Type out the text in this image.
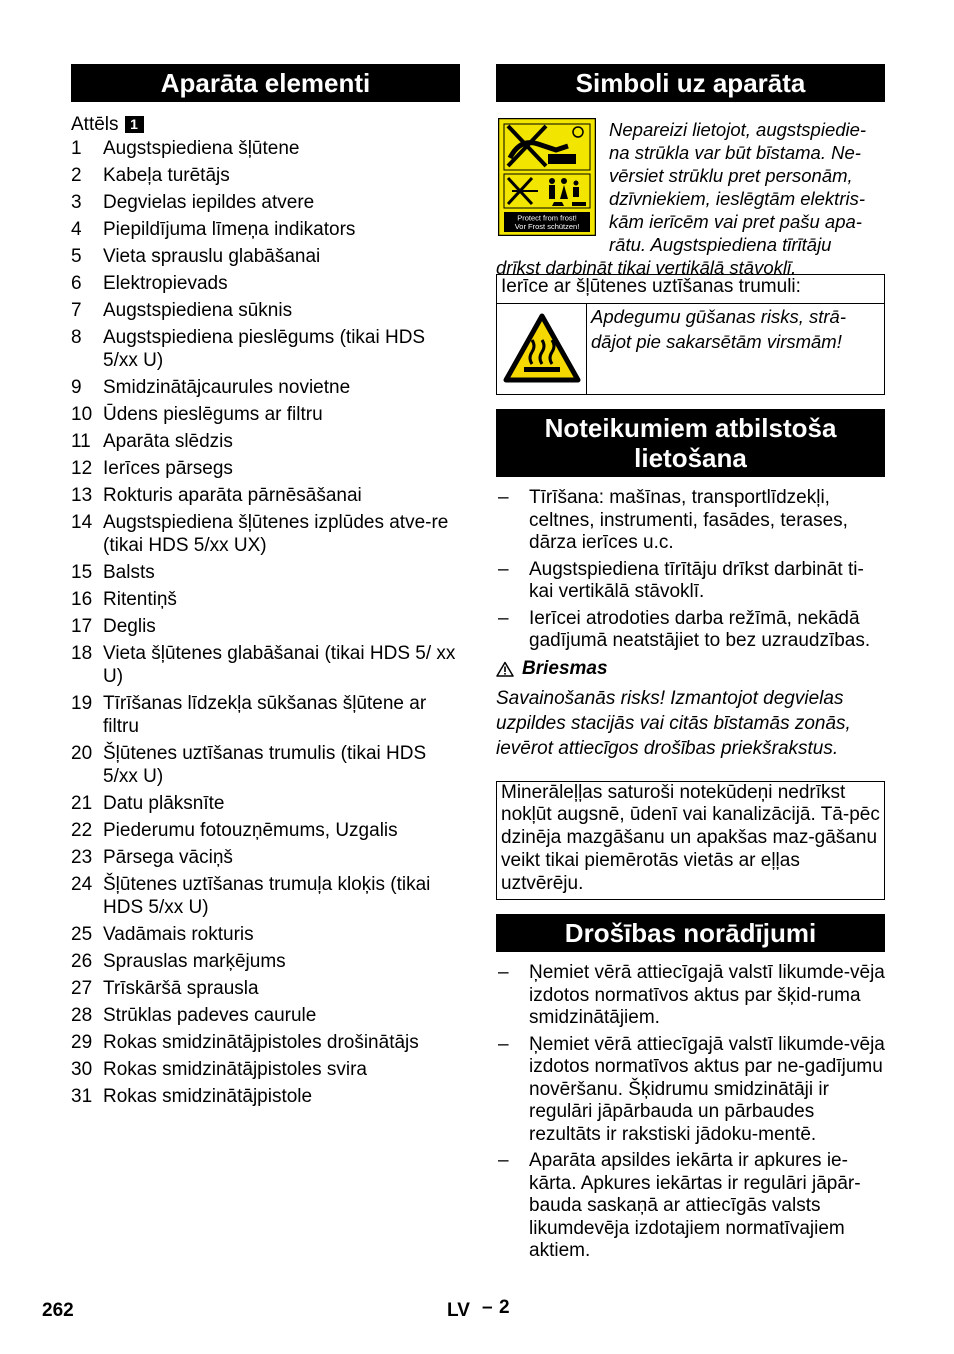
Aparāta elementi
Attēls 1
1	Augstspiediena šļūtene
2	Kabeļa turētājs
3	Degvielas iepildes atvere
4	Piepildījuma līmeņa indikators
5	Vieta sprauslu glabāšanai
6	Elektropievads
7	Augstspiediena sūknis
8	Augstspiediena pieslēgums (tikai HDS 5/xx U)
9	Smidzinātājcaurules novietne
10 Ūdens pieslēgums ar filtru
11 Aparāta slēdzis
12 Ierīces pārsegs
13 Rokturis aparāta pārnēsāšanai
14 Augstspiediena šļūtenes izplūdes atve-re (tikai HDS 5/xx UX)
15 Balsts
16 Ritentiņš
17 Deglis
18 Vieta šļūtenes glabāšanai (tikai HDS 5/ xx U)
19 Tīrīšanas līdzekļa sūkšanas šļūtene ar filtru
20 Šļūtenes uztīšanas trumulis (tikai HDS 5/xx U)
21 Datu plāksnīte
22 Piederumu fotouzņēmums, Uzgalis
23 Pārsega vāciņš
24 Šļūtenes uztīšanas trumuļa kloķis (tikai HDS 5/xx U)
25 Vadāmais rokturis
26 Sprauslas marķējums
27 Trīskāršā sprausla
28 Strūklas padeves caurule
29 Rokas smidzinātājpistoles drošinātājs
30 Rokas smidzinātājpistoles svira
31 Rokas smidzinātājpistole
Simboli uz aparāta
Protect from frost!
Vor Frost schützen!
Nepareizi lietojot, augstspiedie-
na strūkla var būt bīstama. Ne-
vērsiet strūklu pret personām,
dzīvniekiem, ieslēgtām elektris-
kām ierīcēm vai pret pašu apa-
rātu. Augstspiediena tīrītāju
drīkst darbināt tikai vertikālā stāvoklī.
Ierīce ar šļūtenes uztīšanas trumuli:
Apdegumu gūšanas risks, strā-dājot pie sakarsētām virsmām!
Noteikumiem atbilstoša
lietošana
–	Tīrīšana: mašīnas, transportlīdzekļi, celtnes, instrumenti, fasādes, terases, dārza ierīces u.c.
–	Augstspiediena tīrītāju drīkst darbināt ti-kai vertikālā stāvoklī.
–	Ierīcei atrodoties darba režīmā, nekādā gadījumā neatstājiet to bez uzraudzības.
Briesmas
Savainošanās risks! Izmantojot degvielas uzpildes stacijās vai citās bīstamās zonās, ievērot attiecīgos drošības priekšrakstus.
Minerāleļļas saturoši notekūdeņi nedrīkst nokļūt augsnē, ūdenī vai kanalizācijā. Tā-pēc dzinēja mazgāšanu un apakšas maz-gāšanu veikt tikai piemērotās vietās ar eļļas uztvērēju.
Drošības norādījumi
–	Ņemiet vērā attiecīgajā valstī likumde-vēja izdotos normatīvos aktus par šķid-ruma smidzinātājiem.
–	Ņemiet vērā attiecīgajā valstī likumde-vēja izdotos normatīvos aktus par ne-gadījumu novēršanu. Šķidrumu smidzinātāji ir regulāri jāpārbauda un pārbaudes rezultāts ir rakstiski jādoku-mentē.
–	Aparāta apsildes iekārta ir apkures ie-kārta. Apkures iekārtas ir regulāri jāpār-bauda saskaņā ar attiecīgās valsts likumdevēja izdotajiem normatīvajiem aktiem.
262	LV – 2
